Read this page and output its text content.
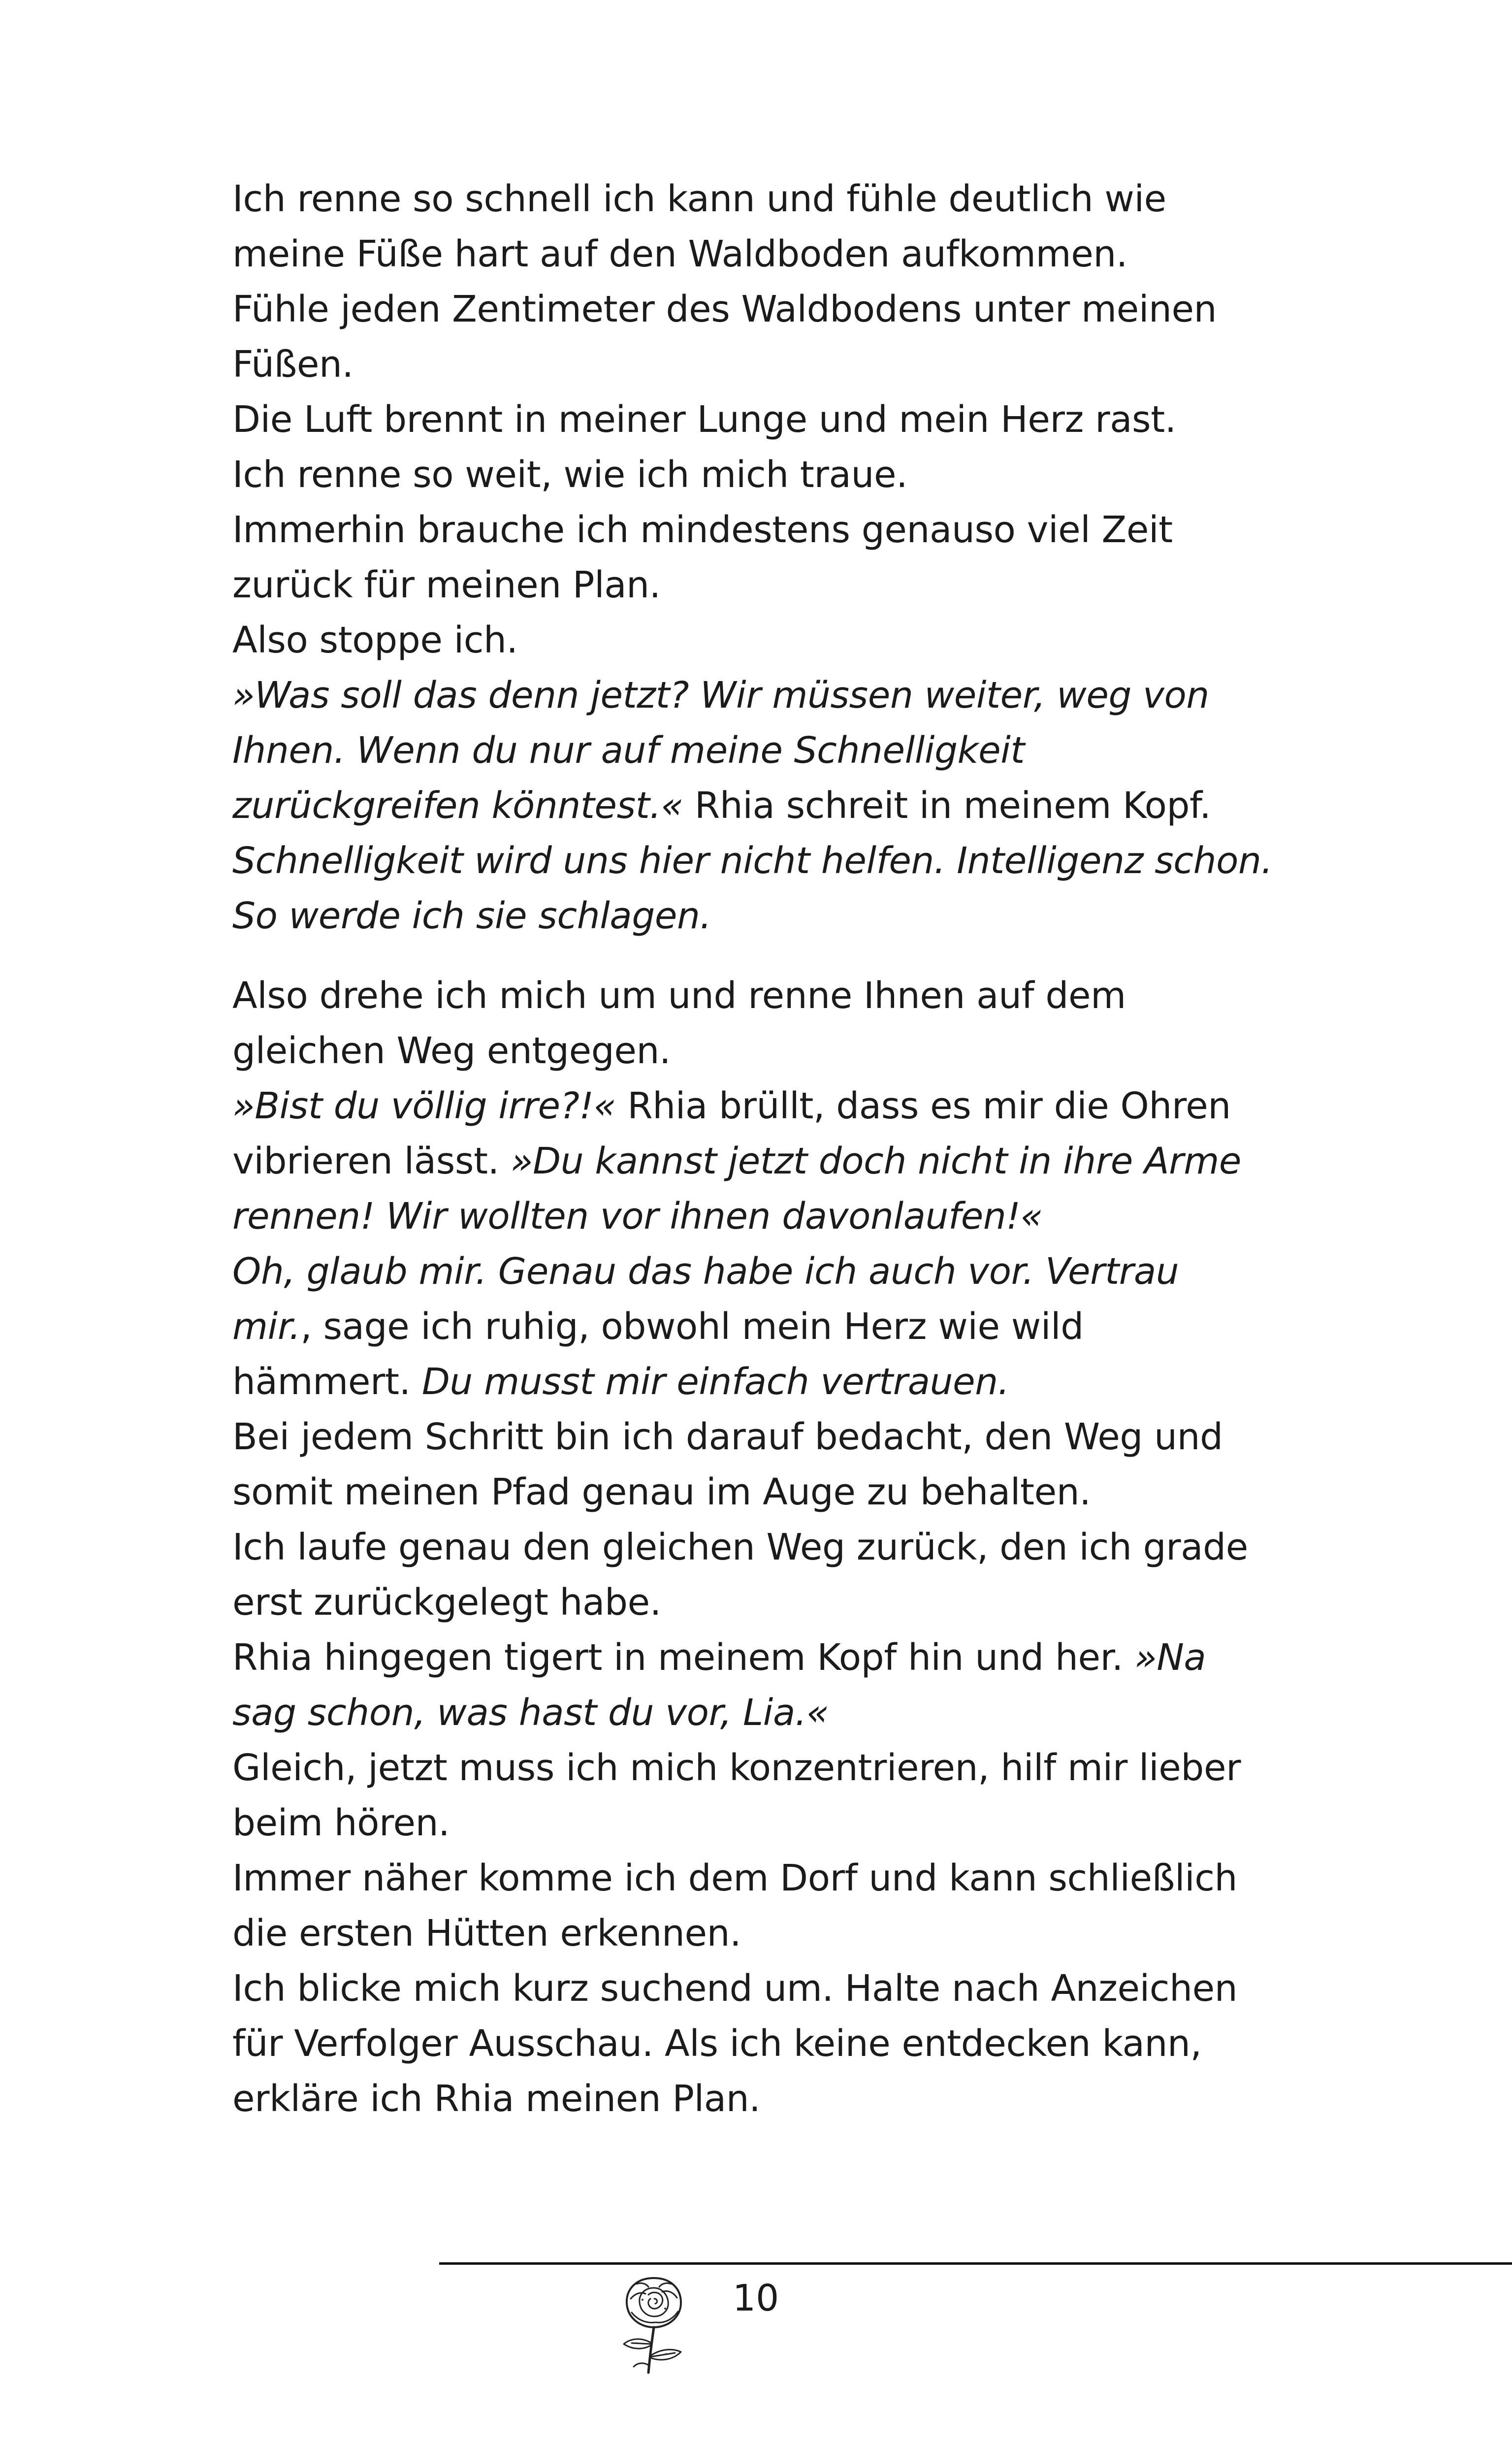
Ich renne so schnell ich kann und fühle deutlich wie
meine Füße hart auf den Waldboden aufkommen.
Fühle jeden Zentimeter des Waldbodens unter meinen
Füßen.
Die Luft brennt in meiner Lunge und mein Herz rast.
Ich renne so weit, wie ich mich traue.
Immerhin brauche ich mindestens genauso viel Zeit
zurück für meinen Plan.
Also stoppe ich.
»Was soll das denn jetzt? Wir müssen weiter, weg von
Ihnen. Wenn du nur auf meine Schnelligkeit
zurückgreifen könntest.« Rhia schreit in meinem Kopf.
Schnelligkeit wird uns hier nicht helfen. Intelligenz schon.
So werde ich sie schlagen.
Also drehe ich mich um und renne Ihnen auf dem
gleichen Weg entgegen.
»Bist du völlig irre?!« Rhia brüllt, dass es mir die Ohren
vibrieren lässt. »Du kannst jetzt doch nicht in ihre Arme
rennen! Wir wollten vor ihnen davonlaufen!«
Oh, glaub mir. Genau das habe ich auch vor. Vertrau
mir., sage ich ruhig, obwohl mein Herz wie wild
hämmert. Du musst mir einfach vertrauen.
Bei jedem Schritt bin ich darauf bedacht, den Weg und
somit meinen Pfad genau im Auge zu behalten.
Ich laufe genau den gleichen Weg zurück, den ich grade
erst zurückgelegt habe.
Rhia hingegen tigert in meinem Kopf hin und her. »Na
sag schon, was hast du vor, Lia.«
Gleich, jetzt muss ich mich konzentrieren, hilf mir lieber
beim hören.
Immer näher komme ich dem Dorf und kann schließlich
die ersten Hütten erkennen.
Ich blicke mich kurz suchend um. Halte nach Anzeichen
für Verfolger Ausschau. Als ich keine entdecken kann,
erkläre ich Rhia meinen Plan.
10
